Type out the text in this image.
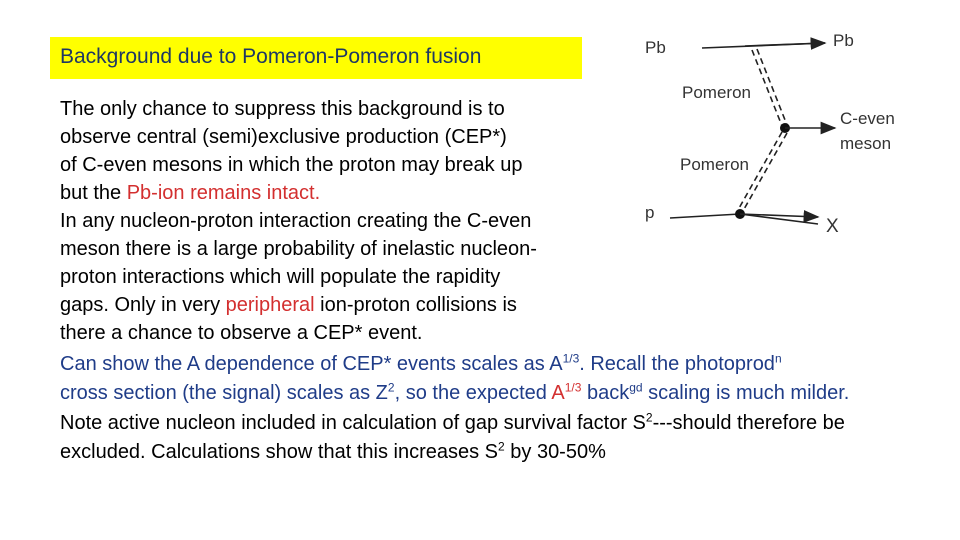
Background due to Pomeron-Pomeron fusion
The only chance to suppress this background is to
observe central (semi)exclusive production (CEP*)
of C-even mesons in which the proton may break up
but the Pb-ion remains intact.
In any nucleon-proton interaction creating the C-even
meson there is a large probability of inelastic nucleon-
proton interactions which will populate the rapidity
gaps. Only in very peripheral ion-proton collisions is
there a chance to observe a CEP* event.
Can show the A dependence of CEP* events scales as $A^{1/3}$. Recall the photoprod$^n$
cross section (the signal) scales as $Z^2$, so the expected $A^{1/3}$ back$^{gd}$ scaling is much milder.
Note active nucleon included in calculation of gap survival factor $S^2--$-should therefore be
excluded. Calculations show that this increases $S^2$ by 30-50%
Pb	Pb
Pomeron
C-even
meson
Pomeron
p
X
